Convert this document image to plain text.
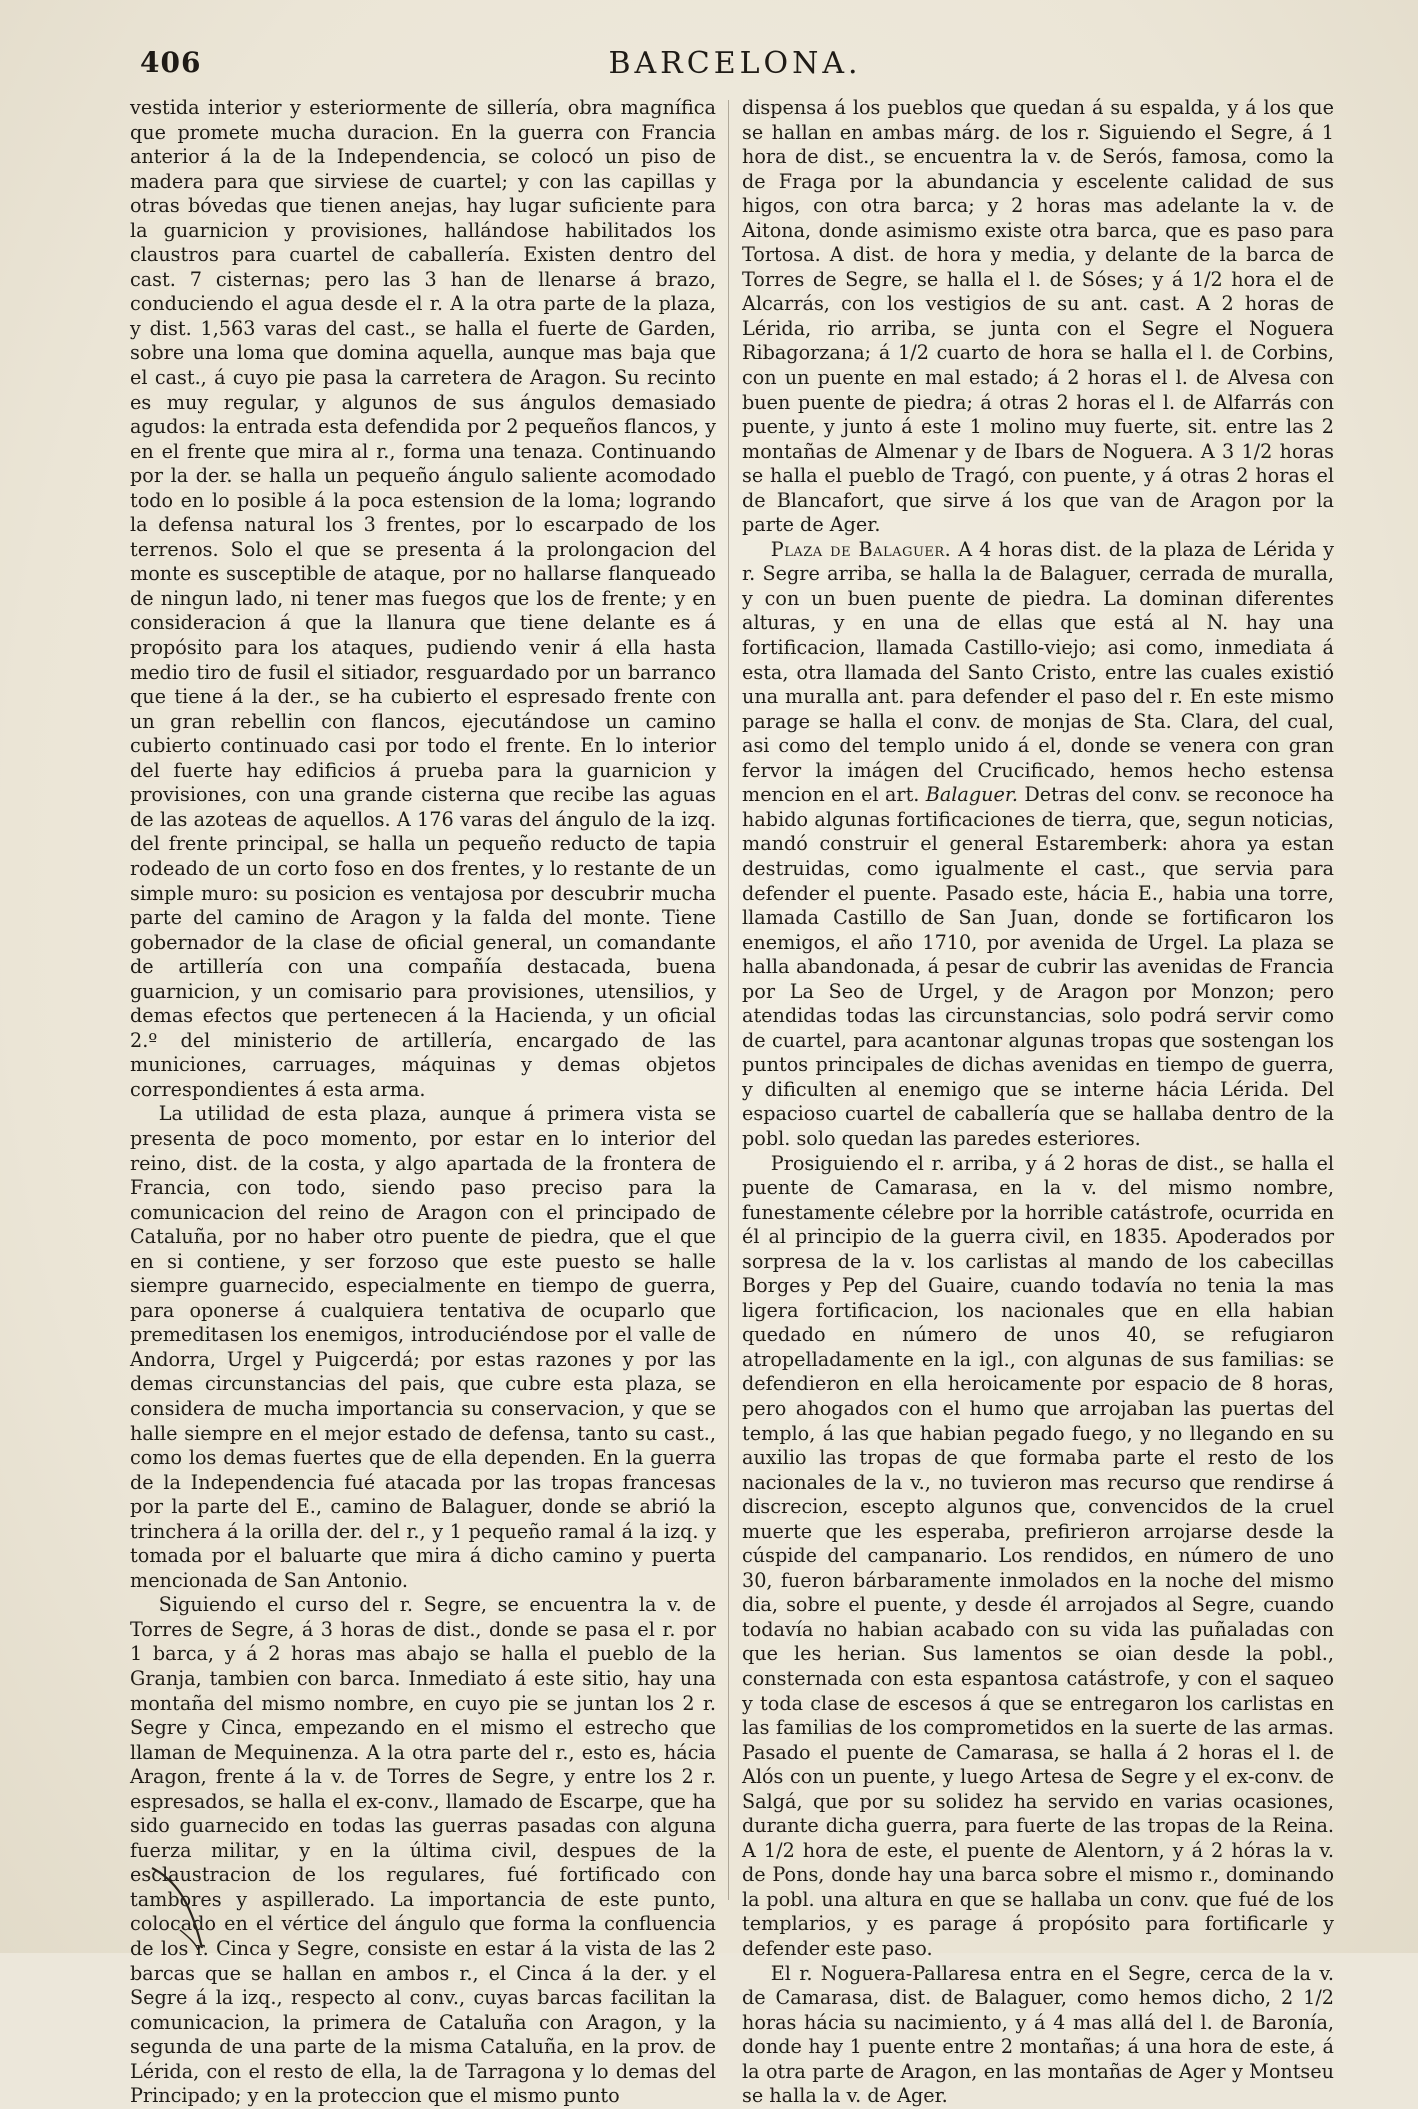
406	BARCELONA.

vestida interior y esteriormente de sillería, obra magnífica que promete mucha duracion. En la guerra con Francia anterior á la de la Independencia, se colocó un piso de madera para que sirviese de cuartel; y con las capillas y otras bóvedas que tienen anejas, hay lugar suficiente para la guarnicion y provisiones, hallándose habilitados los claustros para cuartel de caballería. Existen dentro del cast. 7 cisternas; pero las 3 han de llenarse á brazo, conduciendo el agua desde el r. A la otra parte de la plaza, y dist. 1,563 varas del cast., se halla el fuerte de Garden, sobre una loma que domina aquella, aunque mas baja que el cast., á cuyo pie pasa la carretera de Aragon. Su recinto es muy regular, y algunos de sus ángulos demasiado agudos: la entrada esta defendida por 2 pequeños flancos, y en el frente que mira al r., forma una tenaza. Continuando por la der. se halla un pequeño ángulo saliente acomodado todo en lo posible á la poca estension de la loma; logrando la defensa natural los 3 frentes, por lo escarpado de los terrenos. Solo el que se presenta á la prolongacion del monte es susceptible de ataque, por no hallarse flanqueado de ningun lado, ni tener mas fuegos que los de frente; y en consideracion á que la llanura que tiene delante es á propósito para los ataques, pudiendo venir á ella hasta medio tiro de fusil el sitiador, resguardado por un barranco que tiene á la der., se ha cubierto el espresado frente con un gran rebellin con flancos, ejecutándose un camino cubierto continuado casi por todo el frente. En lo interior del fuerte hay edificios á prueba para la guarnicion y provisiones, con una grande cisterna que recibe las aguas de las azoteas de aquellos. A 176 varas del ángulo de la izq. del frente principal, se halla un pequeño reducto de tapia rodeado de un corto foso en dos frentes, y lo restante de un simple muro: su posicion es ventajosa por descubrir mucha parte del camino de Aragon y la falda del monte. Tiene gobernador de la clase de oficial general, un comandante de artillería con una compañía destacada, buena guarnicion, y un comisario para provisiones, utensilios, y demas efectos que pertenecen á la Hacienda, y un oficial 2.º del ministerio de artillería, encargado de las municiones, carruages, máquinas y demas objetos correspondientes á esta arma.

La utilidad de esta plaza, aunque á primera vista se presenta de poco momento, por estar en lo interior del reino, dist. de la costa, y algo apartada de la frontera de Francia, con todo, siendo paso preciso para la comunicacion del reino de Aragon con el principado de Cataluña, por no haber otro puente de piedra, que el que en si contiene, y ser forzoso que este puesto se halle siempre guarnecido, especialmente en tiempo de guerra, para oponerse á cualquiera tentativa de ocuparlo que premeditasen los enemigos, introduciéndose por el valle de Andorra, Urgel y Puigcerdá; por estas razones y por las demas circunstancias del pais, que cubre esta plaza, se considera de mucha importancia su conservacion, y que se halle siempre en el mejor estado de defensa, tanto su cast., como los demas fuertes que de ella dependen. En la guerra de la Independencia fué atacada por las tropas francesas por la parte del E., camino de Balaguer, donde se abrió la trinchera á la orilla der. del r., y 1 pequeño ramal á la izq. y tomada por el baluarte que mira á dicho camino y puerta mencionada de San Antonio.

Siguiendo el curso del r. Segre, se encuentra la v. de Torres de Segre, á 3 horas de dist., donde se pasa el r. por 1 barca, y á 2 horas mas abajo se halla el pueblo de la Granja, tambien con barca. Inmediato á este sitio, hay una montaña del mismo nombre, en cuyo pie se juntan los 2 r. Segre y Cinca, empezando en el mismo el estrecho que llaman de Mequinenza. A la otra parte del r., esto es, hácia Aragon, frente á la v. de Torres de Segre, y entre los 2 r. espresados, se halla el ex-conv., llamado de Escarpe, que ha sido guarnecido en todas las guerras pasadas con alguna fuerza militar, y en la última civil, despues de la esclaustracion de los regulares, fué fortificado con tambores y aspillerado. La importancia de este punto, colocado en el vértice del ángulo que forma la confluencia de los r. Cinca y Segre, consiste en estar á la vista de las 2 barcas que se hallan en ambos r., el Cinca á la der. y el Segre á la izq., respecto al conv., cuyas barcas facilitan la comunicacion, la primera de Cataluña con Aragon, y la segunda de una parte de la misma Cataluña, en la prov. de Lérida, con el resto de ella, la de Tarragona y lo demas del Principado; y en la proteccion que el mismo punto

dispensa á los pueblos que quedan á su espalda, y á los que se hallan en ambas márg. de los r. Siguiendo el Segre, á 1 hora de dist., se encuentra la v. de Serós, famosa, como la de Fraga por la abundancia y escelente calidad de sus higos, con otra barca; y 2 horas mas adelante la v. de Aitona, donde asimismo existe otra barca, que es paso para Tortosa. A dist. de hora y media, y delante de la barca de Torres de Segre, se halla el l. de Sóses; y á 1/2 hora el de Alcarrás, con los vestigios de su ant. cast. A 2 horas de Lérida, rio arriba, se junta con el Segre el Noguera Ribagorzana; á 1/2 cuarto de hora se halla el l. de Corbins, con un puente en mal estado; á 2 horas el l. de Alvesa con buen puente de piedra; á otras 2 horas el l. de Alfarrás con puente, y junto á este 1 molino muy fuerte, sit. entre las 2 montañas de Almenar y de Ibars de Noguera. A 3 1/2 horas se halla el pueblo de Tragó, con puente, y á otras 2 horas el de Blancafort, que sirve á los que van de Aragon por la parte de Ager.

Plaza de Balaguer. A 4 horas dist. de la plaza de Lérida y r. Segre arriba, se halla la de Balaguer, cerrada de muralla, y con un buen puente de piedra. La dominan diferentes alturas, y en una de ellas que está al N. hay una fortificacion, llamada Castillo-viejo; asi como, inmediata á esta, otra llamada del Santo Cristo, entre las cuales existió una muralla ant. para defender el paso del r. En este mismo parage se halla el conv. de monjas de Sta. Clara, del cual, asi como del templo unido á el, donde se venera con gran fervor la imágen del Crucificado, hemos hecho estensa mencion en el art. Balaguer. Detras del conv. se reconoce ha habido algunas fortificaciones de tierra, que, segun noticias, mandó construir el general Estaremberk: ahora ya estan destruidas, como igualmente el cast., que servia para defender el puente. Pasado este, hácia E., habia una torre, llamada Castillo de San Juan, donde se fortificaron los enemigos, el año 1710, por avenida de Urgel. La plaza se halla abandonada, á pesar de cubrir las avenidas de Francia por La Seo de Urgel, y de Aragon por Monzon; pero atendidas todas las circunstancias, solo podrá servir como de cuartel, para acantonar algunas tropas que sostengan los puntos principales de dichas avenidas en tiempo de guerra, y dificulten al enemigo que se interne hácia Lérida. Del espacioso cuartel de caballería que se hallaba dentro de la pobl. solo quedan las paredes esteriores.

Prosiguiendo el r. arriba, y á 2 horas de dist., se halla el puente de Camarasa, en la v. del mismo nombre, funestamente célebre por la horrible catástrofe, ocurrida en él al principio de la guerra civil, en 1835. Apoderados por sorpresa de la v. los carlistas al mando de los cabecillas Borges y Pep del Guaire, cuando todavía no tenia la mas ligera fortificacion, los nacionales que en ella habian quedado en número de unos 40, se refugiaron atropelladamente en la igl., con algunas de sus familias: se defendieron en ella heroicamente por espacio de 8 horas, pero ahogados con el humo que arrojaban las puertas del templo, á las que habian pegado fuego, y no llegando en su auxilio las tropas de que formaba parte el resto de los nacionales de la v., no tuvieron mas recurso que rendirse á discrecion, escepto algunos que, convencidos de la cruel muerte que les esperaba, prefirieron arrojarse desde la cúspide del campanario. Los rendidos, en número de uno 30, fueron bárbaramente inmolados en la noche del mismo dia, sobre el puente, y desde él arrojados al Segre, cuando todavía no habian acabado con su vida las puñaladas con que les herian. Sus lamentos se oian desde la pobl., consternada con esta espantosa catástrofe, y con el saqueo y toda clase de escesos á que se entregaron los carlistas en las familias de los comprometidos en la suerte de las armas. Pasado el puente de Camarasa, se halla á 2 horas el l. de Alós con un puente, y luego Artesa de Segre y el ex-conv. de Salgá, que por su solidez ha servido en varias ocasiones, durante dicha guerra, para fuerte de las tropas de la Reina. A 1/2 hora de este, el puente de Alentorn, y á 2 hóras la v. de Pons, donde hay una barca sobre el mismo r., dominando la pobl. una altura en que se hallaba un conv. que fué de los templarios, y es parage á propósito para fortificarle y defender este paso.

El r. Noguera-Pallaresa entra en el Segre, cerca de la v. de Camarasa, dist. de Balaguer, como hemos dicho, 2 1/2 horas hácia su nacimiento, y á 4 mas allá del l. de Baronía, donde hay 1 puente entre 2 montañas; á una hora de este, á la otra parte de Aragon, en las montañas de Ager y Montseu se halla la v. de Ager.
